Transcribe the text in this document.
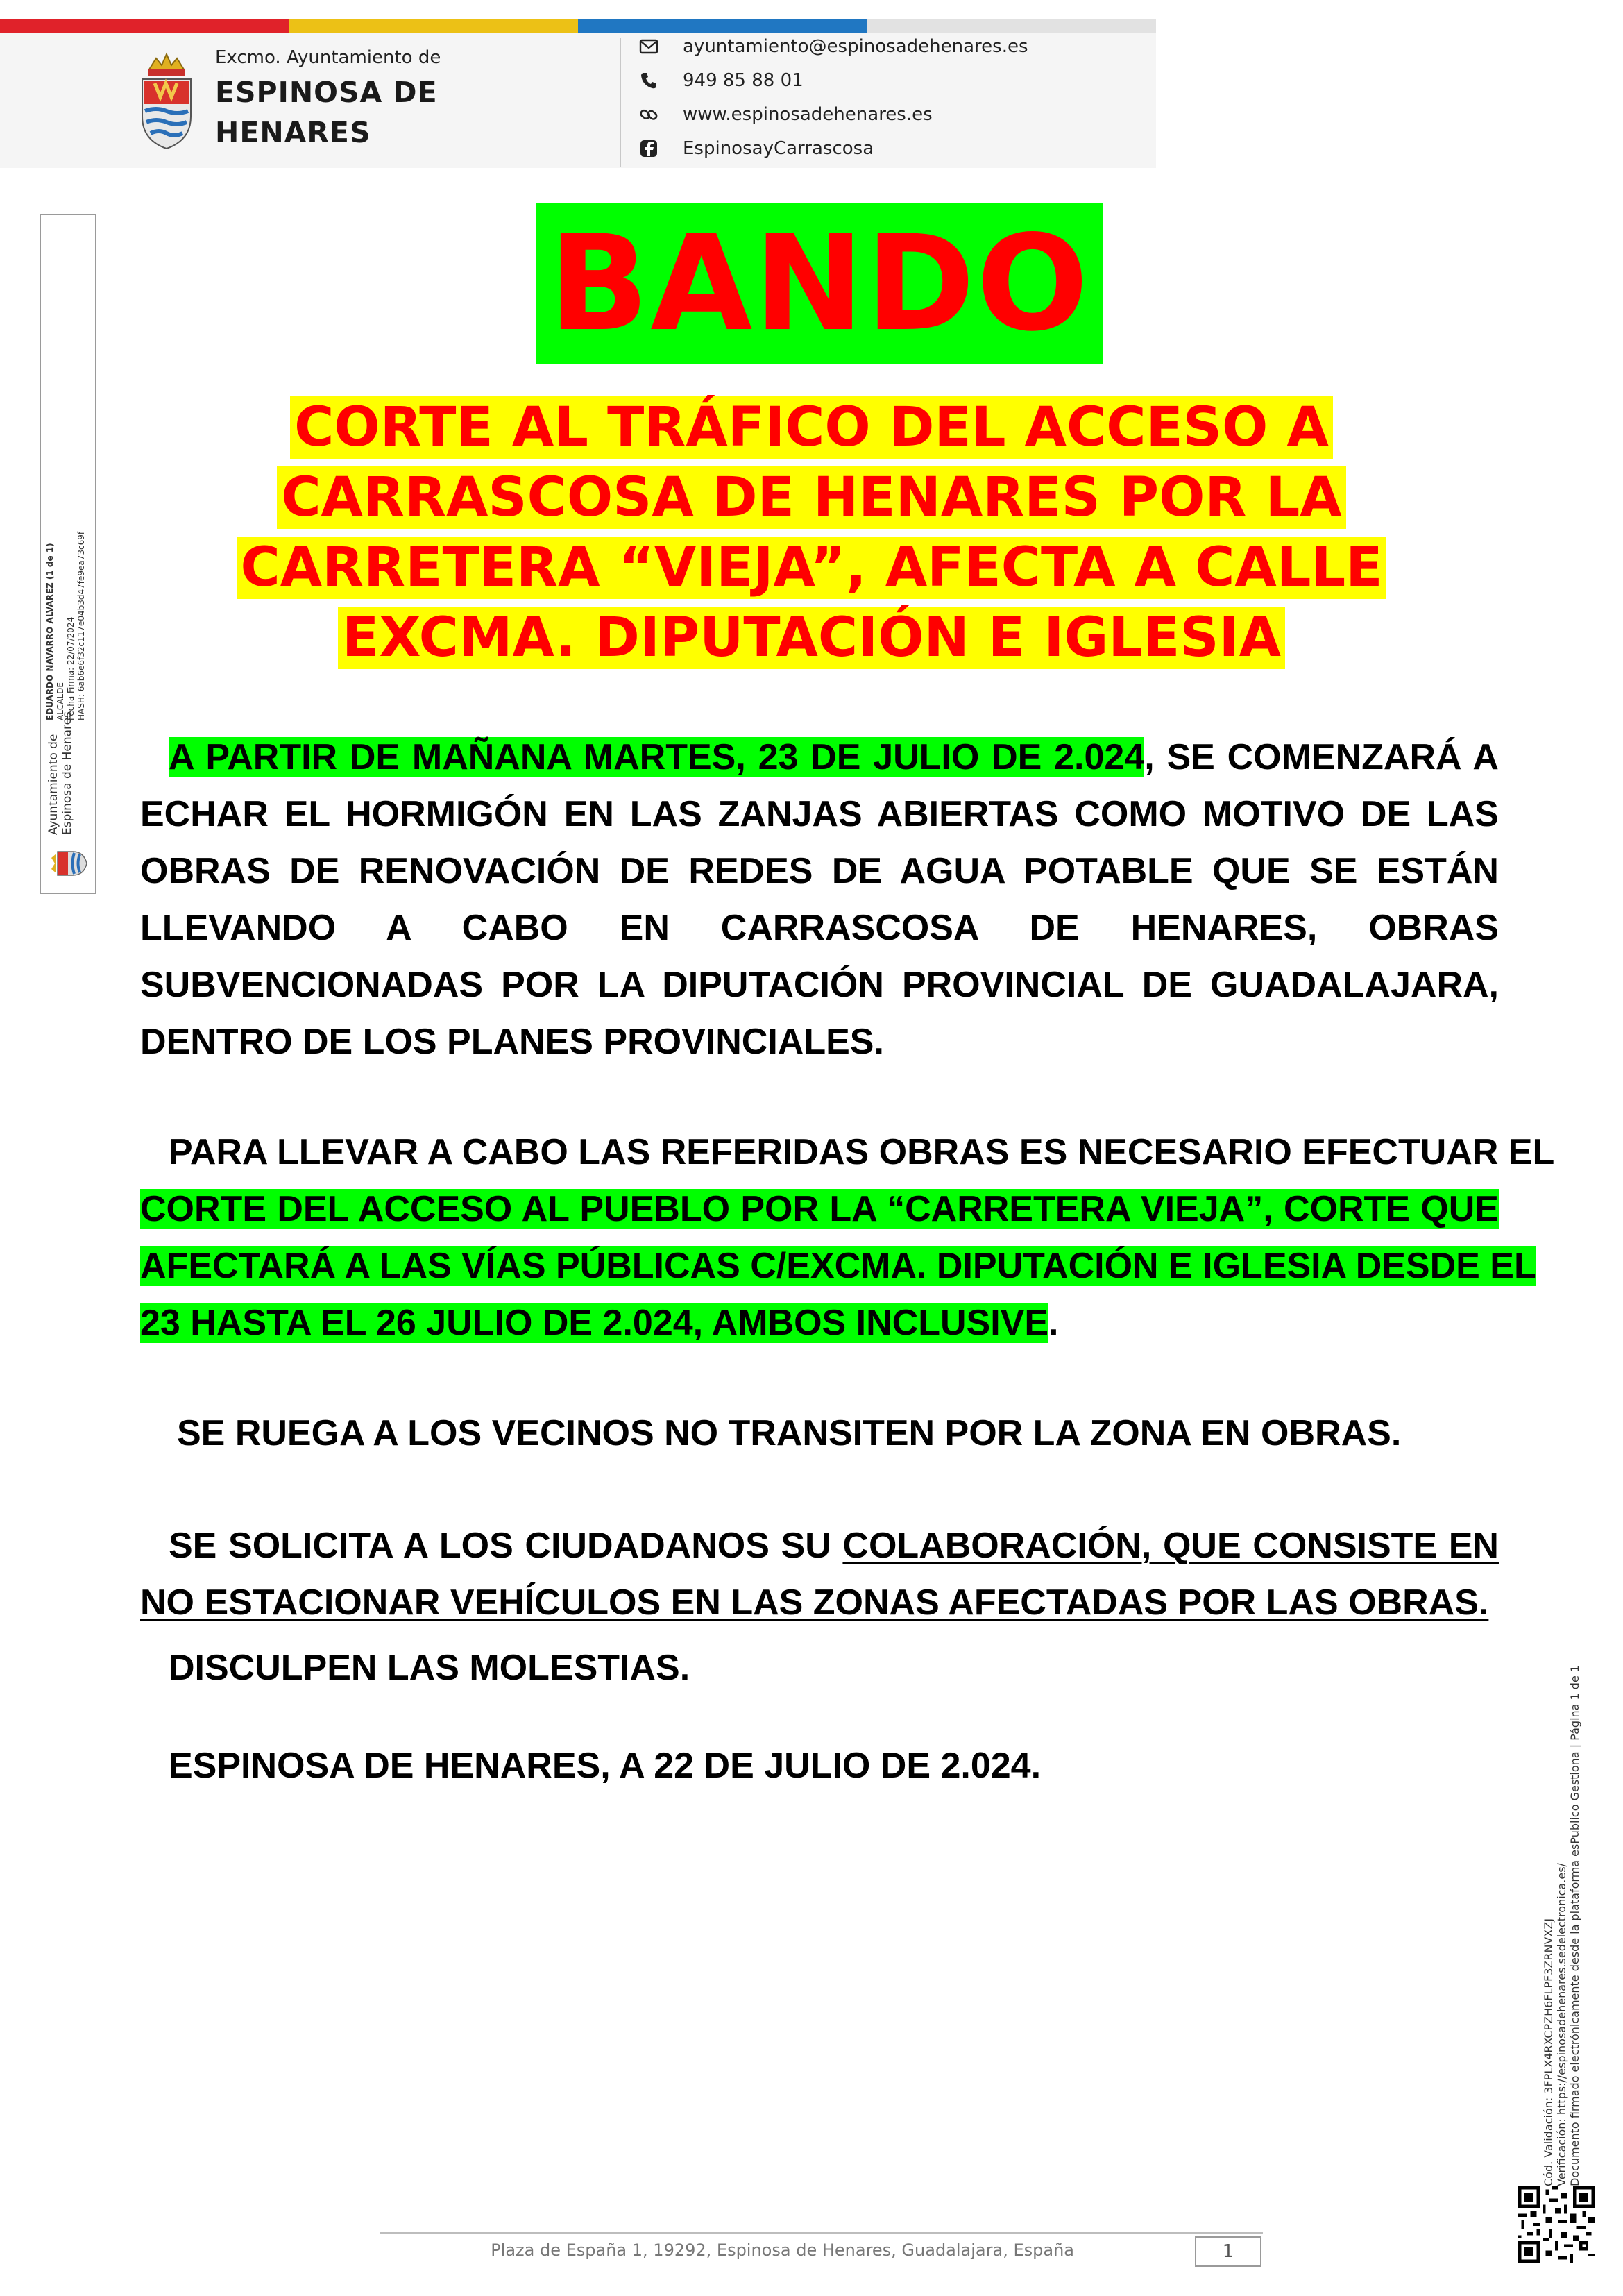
Excmo. Ayuntamiento de
ESPINOSA DE
HENARES
ayuntamiento@espinosadehenares.es
949 85 88 01
www.espinosadehenares.es
EspinosayCarrascosa
Ayuntamiento de Espinosa de Henares
EDUARDO NAVARRO ALVAREZ (1 de 1) ALCALDE Fecha Firma: 22/07/2024 HASH: 6ab6e6f32c117e04b3d47fe9ea73c69f
BANDO
CORTE AL TRÁFICO DEL ACCESO A
CARRASCOSA DE HENARES POR LA
CARRETERA “VIEJA”, AFECTA A CALLE
EXCMA. DIPUTACIÓN E IGLESIA
A PARTIR DE MAÑANA MARTES, 23 DE JULIO DE 2.024, SE COMENZARÁ A
ECHAR EL HORMIGÓN EN LAS ZANJAS ABIERTAS COMO MOTIVO DE LAS
OBRAS DE RENOVACIÓN DE REDES DE AGUA POTABLE QUE SE ESTÁN
LLEVANDO A CABO EN CARRASCOSA DE HENARES, OBRAS
SUBVENCIONADAS POR LA DIPUTACIÓN PROVINCIAL DE GUADALAJARA,
DENTRO DE LOS PLANES PROVINCIALES.
PARA LLEVAR A CABO LAS REFERIDAS OBRAS ES NECESARIO EFECTUAR EL
CORTE DEL ACCESO AL PUEBLO POR LA “CARRETERA VIEJA”, CORTE QUE
AFECTARÁ A LAS VÍAS PÚBLICAS C/EXCMA. DIPUTACIÓN E IGLESIA DESDE EL
23 HASTA EL 26 JULIO DE 2.024, AMBOS INCLUSIVE.
SE RUEGA A LOS VECINOS NO TRANSITEN POR LA ZONA EN OBRAS.
SE SOLICITA A LOS CIUDADANOS SU COLABORACIÓN, QUE CONSISTE EN
NO ESTACIONAR VEHÍCULOS EN LAS ZONAS AFECTADAS POR LAS OBRAS.
DISCULPEN LAS MOLESTIAS.
ESPINOSA DE HENARES, A 22 DE JULIO DE 2.024.
Cód. Validación: 3FPLX4RXCPZH6FLPF3ZRNVXZJ Verificación: https://espinosadehenares.sedelectronica.es/ Documento firmado electrónicamente desde la plataforma esPublico Gestiona | Página 1 de 1
Plaza de España 1, 19292, Espinosa de Henares, Guadalajara, España	1
